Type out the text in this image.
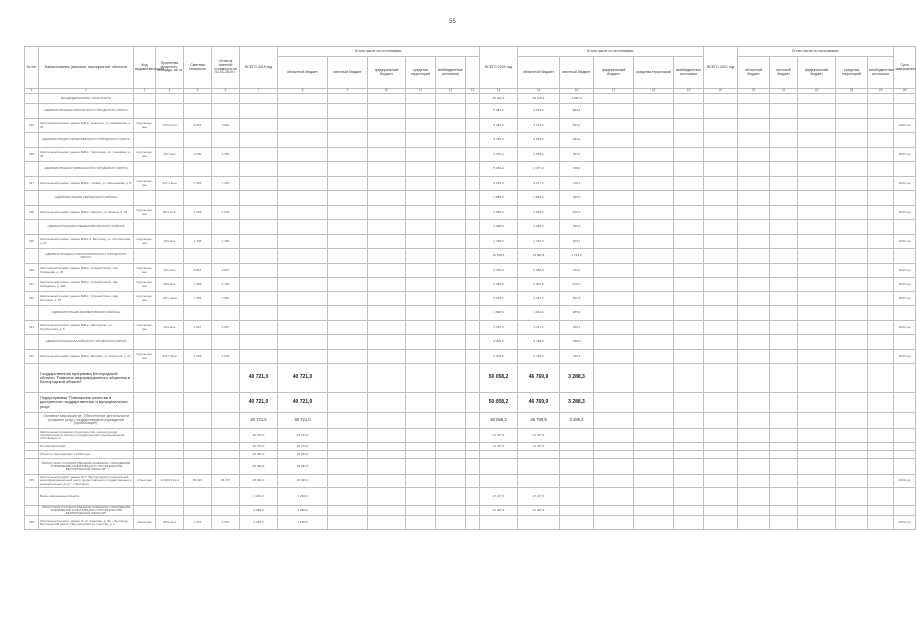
55
№ п/п	Наименование (заказчик, мероприятий, объектов	Код ведомственности	Проектная мощность, площадь, кв. м	Сметная стоимость	Остаток сметной стоимости на 01.01.2019 г.	ВСЕГО 2019 год	В том числе по источникам:						ВСЕГО 2020 год	В том числе по источникам:					ВСЕГО 2021 год	В том числе по источникам:					Срок завершения
							областной бюджет	местный бюджет	федеральный бюджет	средства территорий	внебюджетные источники			областной бюджет	местный бюджет	федеральный бюджет	средства территорий	внебюджетные источники		областной бюджет	местный бюджет	федеральный бюджет	средства территорий	внебюджетные источники	
1	2	3	4	5	6	7	8	9	10	11	12	13	14	15	16	17	18	19	20	21	22	23	24	25	26
	ФОНДОДЕРЖАТЕЛЬ ТРАНСПОРТА												45 921,5	39 379,3	4 082,3										
	АДМИНИСТРАЦИЯ НИКОЛЬСКОГО ГОРОДСКОГО ОКРУГА												5 484,4	4 279,6	564,4										
325	Капитальный ремонт здания МФЦ г. Никольск, ул. Московская, д. 35	порученцы-ние	723,0 кв.м	5 964	5 964								5 484,4	4 279,6	564,4										2020 год
	АДМИНИСТРАЦИЯ ЧЕРЕПОВЕЦКОГО ГОРОДСКОГО ОКРУГА												3 795,4	2 879,6	364,4										
326	Капитальный ремонт здания МФЦ г. Череповец, ул. Северная, д. 25	порученцы-ние	457 кв.м	2 160	2 160								3 795,4	2 879,6	364,4										2020 год
	АДМИНИСТРАЦИЯ ТИХВИНСКОГО ГОРОДСКОГО ОКРУГА												5 159,4	4 477,2	748,4										
327	Капитальный ремонт здания МФЦ г. Тихвин, ул. Мельникова, д. 8	порученцы-ние	407,4 кв.м	7 405	7 405								5 159,4	4 477,2	748,4										2020 год
	АДМИНИСТРАЦИЯ КИРИШСКОГО РАЙОНА												1 859,0	1 532,6	105,4										
328	Капитальный ремонт здания МФЦ г. Кириши, ул. Ленина, д. 34	порученцы-ние	86,2 кв.м	1 609	1 609								1 859,0	1 532,6	105,4										2020 год
	АДМИНИСТРАЦИЯ СРЕДНЕПОВОЛЖСКОГО РАЙОНА												1 498,0	1 260,6	160,4										
329	Капитальный ремонт здания МФЦ, в. Белгород, ул. Октябрьская, д. 21	порученцы-ние	153 кв.м	1 495	1 495								1 498,0	1 260,6	160,4										2020 год
	АДМИНИСТРАЦИЯ СТАРООСКОЛЬСКОГО ГОРОДСКОГО ОКРУГА												16 789,3	14 392,8	1 714,5										
330	Капитальный ремонт здания МФЦ г. Старый Оскол, пер. Литвинова, д. 26	порученцы-ние	237 кв.м	6 867	6 867								6 768,0	5 966,8	634,0										2020 год
331	Капитальный ремонт здания МФЦ г. Старый Оскол, мкр. Лебединец, д. 29А	порученцы-ние	209 кв.м	7 305	6 769								4 494,6	4 002,8	519,0										2020 год
332	Капитальный ремонт здания МФЦ г. Старый Оскол, мкр. Интернат, д. 15	порученцы-ние	197,1 кв.м	7 362	7 362								5 522,6	4 423,6	561,5										2020 год
	АДМИНИСТРАЦИЯ МИЛЛЕРОВСКОГО РАЙОНА												1 998,6	1 611,6	285,4										
333	Капитальный ремонт здания МФЦ г. Миллерово, ул. Октябрьская, д. 5	порученцы-ние	164 кв.м	1 097	1 097								1 522,0	1 311,6	185,4										2020 год
	АДМИНИСТРАЦИЯ ВАЛУЙСКОГО ГОРОДСКОГО ОКРУГА												4 209,6	3 728,6	339,4										
334	Капитальный ремонт здания МФЦ г. Валуйки, ул. Никитина, д. 23	порученцы-ние	291,7 кв.м	4 205	4 205								4 209,6	3 728,6	339,4										2020 год
	Государственная программа Белгородской области "Развитие информационного общества в Белгородской области"					40 721,0	40 721,0						50 058,2	46 769,9	3 288,3										
	Подпрограмма "Повышение качества и доступности государственных и муниципальных услуг"					40 721,0	40 721,0						50 058,2	46 769,9	3 288,3										
	Основное мероприятие "Обеспечение деятельности (оказание услуг) государственных учреждений (организаций)"					40 721,0	40 721,0						50 058,2	46 769,9	3 288,3										
	Капитальные вложения (строительство, реконструкция, приобретение) в объекты государственной (муниципальной) собственности					40 721,0	40 721,0						17 247,3	17 247,3											
	По мероприятиям:					40 721,0	40 721,0						17 247,3	17 247,3											
	Объекты, переходящие с 2018 года					26 491,0	26 491,0																		
	ОБЛАСТНОЕ ГОСУДАРСТВЕННОЕ КАЗЕННОЕ УЧРЕЖДЕНИЕ "УПРАВЛЕНИЕ КАПИТАЛЬНОГО СТРОИТЕЛЬСТВА БЕЛГОРОДСКОЙ ОБЛАСТИ"					26 491,0	26 491,0																		
335	Капитальный ремонт здания ОГУ "Белгородский региональный многофункциональный центр предоставления государственных и муниципальных услуг", г. Белгород	объектная	14 293,9 кв.м	89 401	18 717	26 491,0	26 491,0																		2019 год
	Вновь начинаемые объекты					4 230,0	4 230,0						17 247,3	17 247,3											
	ОБЛАСТНОЕ ГОСУДАРСТВЕННОЕ КАЗЕННОЕ УЧРЕЖДЕНИЕ "УПРАВЛЕНИЕ КАПИТАЛЬНОГО СТРОИТЕЛЬСТВА БЕЛГОРОДСКОЙ ОБЛАСТИ"					4 230,0	4 230,0						17 247,3	17 247,3											
336	Капитальный ремонт здания по ул. Садовая, д. 90, г. Белгород, Белгородский район и Белгородский ул. Светлая, д. 3	объектная	95,8 кв.м	1 207	1 207	1 150,0	1 150,0																		2019 год
